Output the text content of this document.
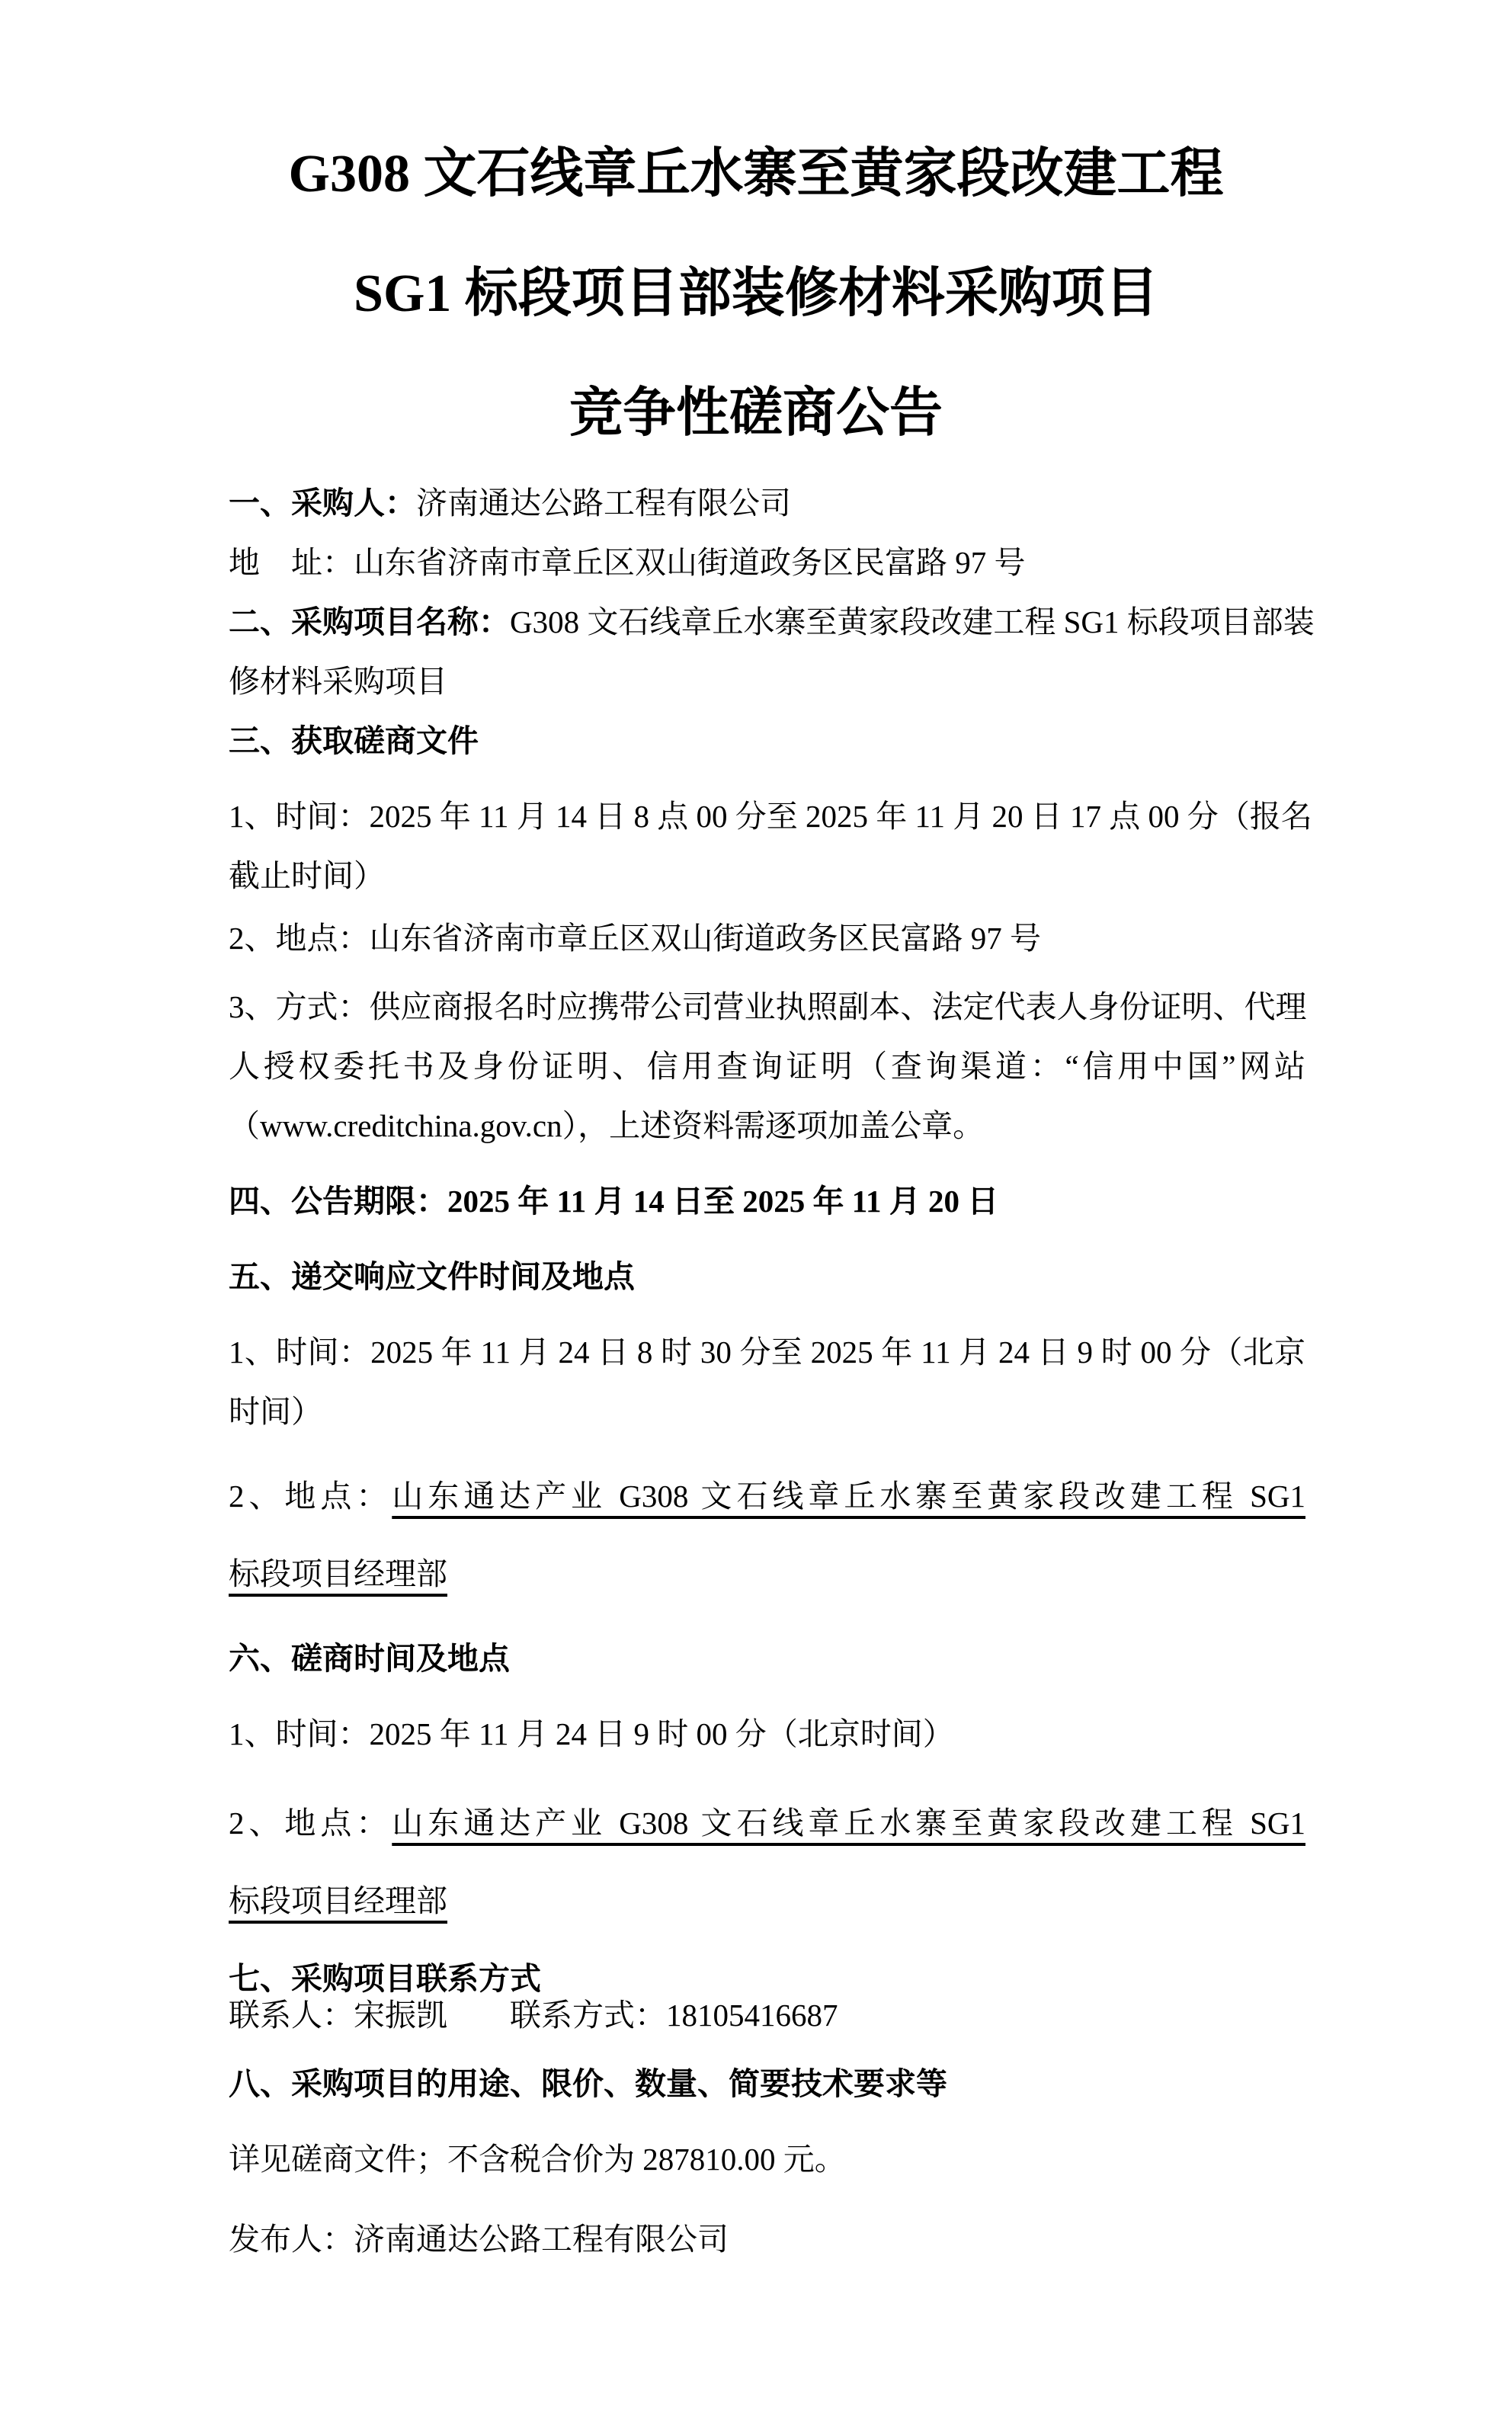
G308 文石线章丘水寨至黄家段改建工程
SG1 标段项目部装修材料采购项目
竞争性磋商公告
一、采购人：济南通达公路工程有限公司
地　址：山东省济南市章丘区双山街道政务区民富路 97 号
二、采购项目名称：G308 文石线章丘水寨至黄家段改建工程 SG1 标段项目部装
修材料采购项目
三、获取磋商文件
1、时间：2025 年 11 月 14 日 8 点 00 分至 2025 年 11 月 20 日 17 点 00 分（报名
截止时间）
2、地点：山东省济南市章丘区双山街道政务区民富路 97 号
3、方式：供应商报名时应携带公司营业执照副本、法定代表人身份证明、代理
人授权委托书及身份证明、信用查询证明（查询渠道：“信用中国”网站
（www.creditchina.gov.cn），上述资料需逐项加盖公章。
四、公告期限：2025 年 11 月 14 日至 2025 年 11 月 20 日
五、递交响应文件时间及地点
1、时间：2025 年 11 月 24 日 8 时 30 分至 2025 年 11 月 24 日 9 时 00 分（北京
时间）
2、地点：山东通达产业 G308 文石线章丘水寨至黄家段改建工程 SG1
标段项目经理部
六、磋商时间及地点
1、时间：2025 年 11 月 24 日 9 时 00 分（北京时间）
2、地点：山东通达产业 G308 文石线章丘水寨至黄家段改建工程 SG1
标段项目经理部
七、采购项目联系方式
联系人：宋振凯　　联系方式：18105416687
八、采购项目的用途、限价、数量、简要技术要求等
详见磋商文件；不含税合价为 287810.00 元。
发布人：济南通达公路工程有限公司
